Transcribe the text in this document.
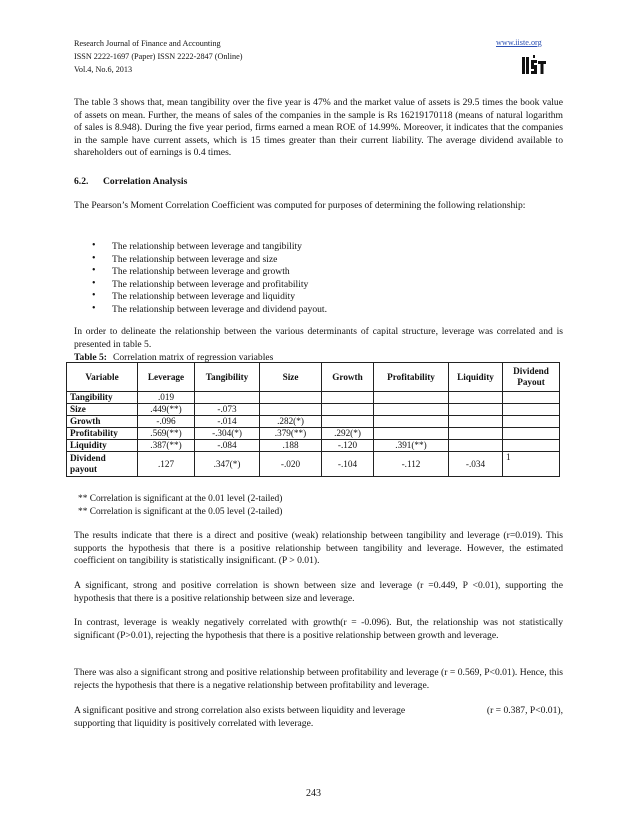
Research Journal of Finance and Accounting
ISSN 2222-1697 (Paper) ISSN 2222-2847 (Online)
Vol.4, No.6, 2013
www.iiste.org

The table 3 shows that, mean tangibility over the five year is 47% and the market value of assets is 29.5 times the book value of assets on mean. Further, the means of sales of the companies in the sample is Rs 16219170118 (means of natural logarithm of sales is 8.948). During the five year period, firms earned a mean ROE of 14.99%. Moreover, it indicates that the companies in the sample have current assets, which is 15 times greater than their current liability. The average dividend available to shareholders out of earnings is 0.4 times.

6.2. Correlation Analysis

The Pearson’s Moment Correlation Coefficient was computed for purposes of determining the following relationship:

• The relationship between leverage and tangibility
• The relationship between leverage and size
• The relationship between leverage and growth
• The relationship between leverage and profitability
• The relationship between leverage and liquidity
• The relationship between leverage and dividend payout.

In order to delineate the relationship between the various determinants of capital structure, leverage was correlated and is presented in table 5.

Table 5: Correlation matrix of regression variables
Variable	Leverage	Tangibility	Size	Growth	Profitability	Liquidity	Dividend Payout
Tangibility	.019						
Size	.449(**)	-.073					
Growth	-.096	-.014	.282(*)				
Profitability	.569(**)	-.304(*)	.379(**)	.292(*)			
Liquidity	.387(**)	-.084	.188	-.120	.391(**)		
Dividend payout	.127	.347(*)	-.020	-.104	-.112	-.034	1
** Correlation is significant at the 0.01 level (2-tailed)
** Correlation is significant at the 0.05 level (2-tailed)

The results indicate that there is a direct and positive (weak) relationship between tangibility and leverage (r=0.019). This supports the hypothesis that there is a positive relationship between tangibility and leverage. However, the estimated coefficient on tangibility is statistically insignificant. (P > 0.01).

A significant, strong and positive correlation is shown between size and leverage (r =0.449, P <0.01), supporting the hypothesis that there is a positive relationship between size and leverage.

In contrast, leverage is weakly negatively correlated with growth(r = -0.096). But, the relationship was not statistically significant (P>0.01), rejecting the hypothesis that there is a positive relationship between growth and leverage.

There was also a significant strong and positive relationship between profitability and leverage (r = 0.569, P<0.01). Hence, this rejects the hypothesis that there is a negative relationship between profitability and leverage.

A significant positive and strong correlation also exists between liquidity and leverage	(r = 0.387, P<0.01),
supporting that liquidity is positively correlated with leverage.
243
